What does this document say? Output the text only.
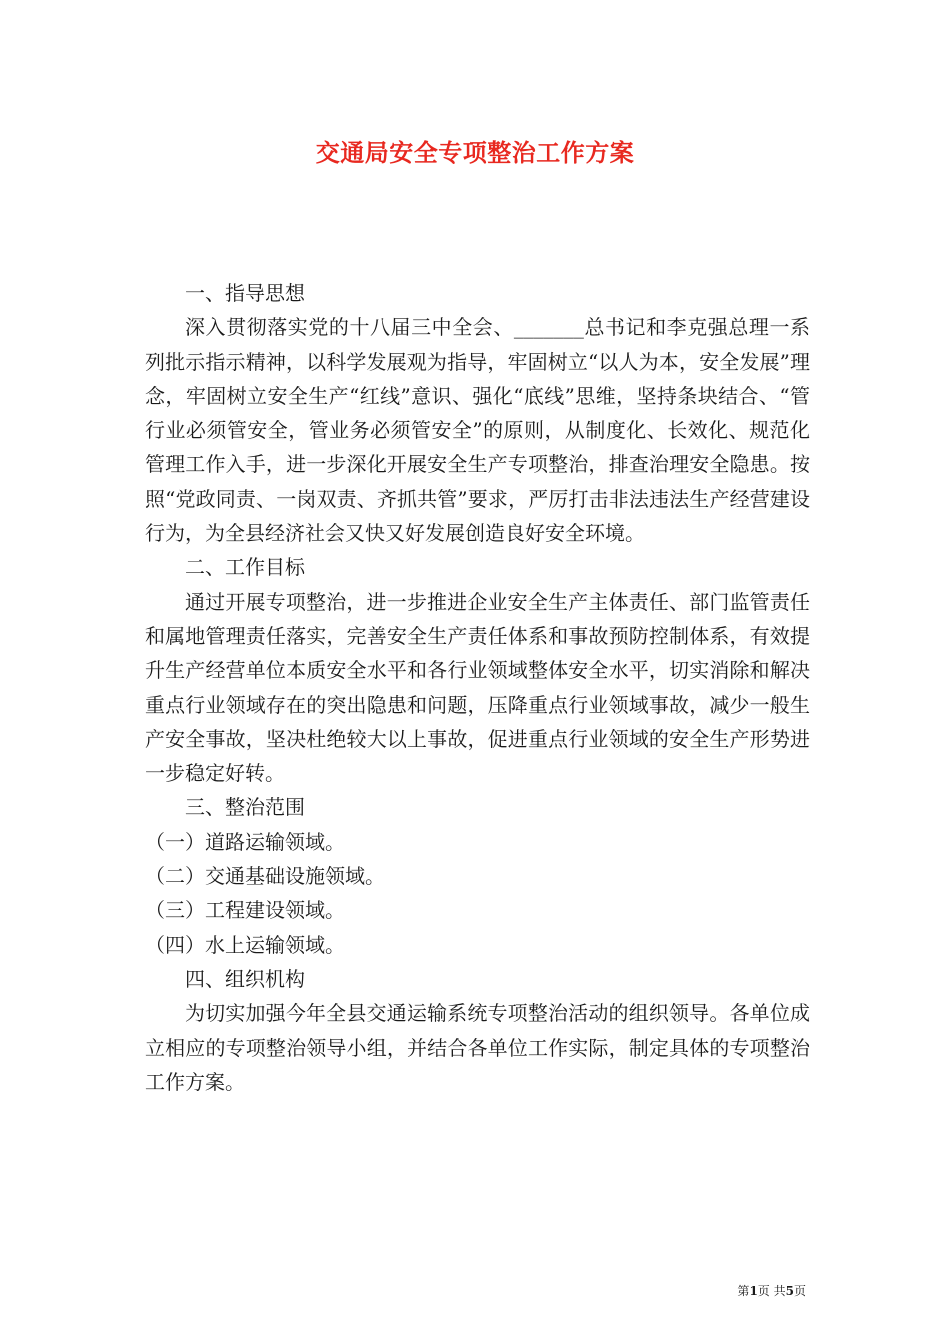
交通局安全专项整治工作方案

一、指导思想

深入贯彻落实党的十八届三中全会、_______总书记和李克强总理一系列批示指示精神，以科学发展观为指导，牢固树立“以人为本，安全发展”理念，牢固树立安全生产“红线”意识、强化“底线”思维，坚持条块结合、“管行业必须管安全，管业务必须管安全”的原则，从制度化、长效化、规范化管理工作入手，进一步深化开展安全生产专项整治，排查治理安全隐患。按照“党政同责、一岗双责、齐抓共管”要求，严厉打击非法违法生产经营建设行为，为全县经济社会又快又好发展创造良好安全环境。

二、工作目标

通过开展专项整治，进一步推进企业安全生产主体责任、部门监管责任和属地管理责任落实，完善安全生产责任体系和事故预防控制体系，有效提升生产经营单位本质安全水平和各行业领域整体安全水平，切实消除和解决重点行业领域存在的突出隐患和问题，压降重点行业领域事故，减少一般生产安全事故，坚决杜绝较大以上事故，促进重点行业领域的安全生产形势进一步稳定好转。

三、整治范围

（一）道路运输领域。

（二）交通基础设施领域。

（三）工程建设领域。

（四）水上运输领域。

四、组织机构

为切实加强今年全县交通运输系统专项整治活动的组织领导。各单位成立相应的专项整治领导小组，并结合各单位工作实际，制定具体的专项整治工作方案。

第1页 共5页
